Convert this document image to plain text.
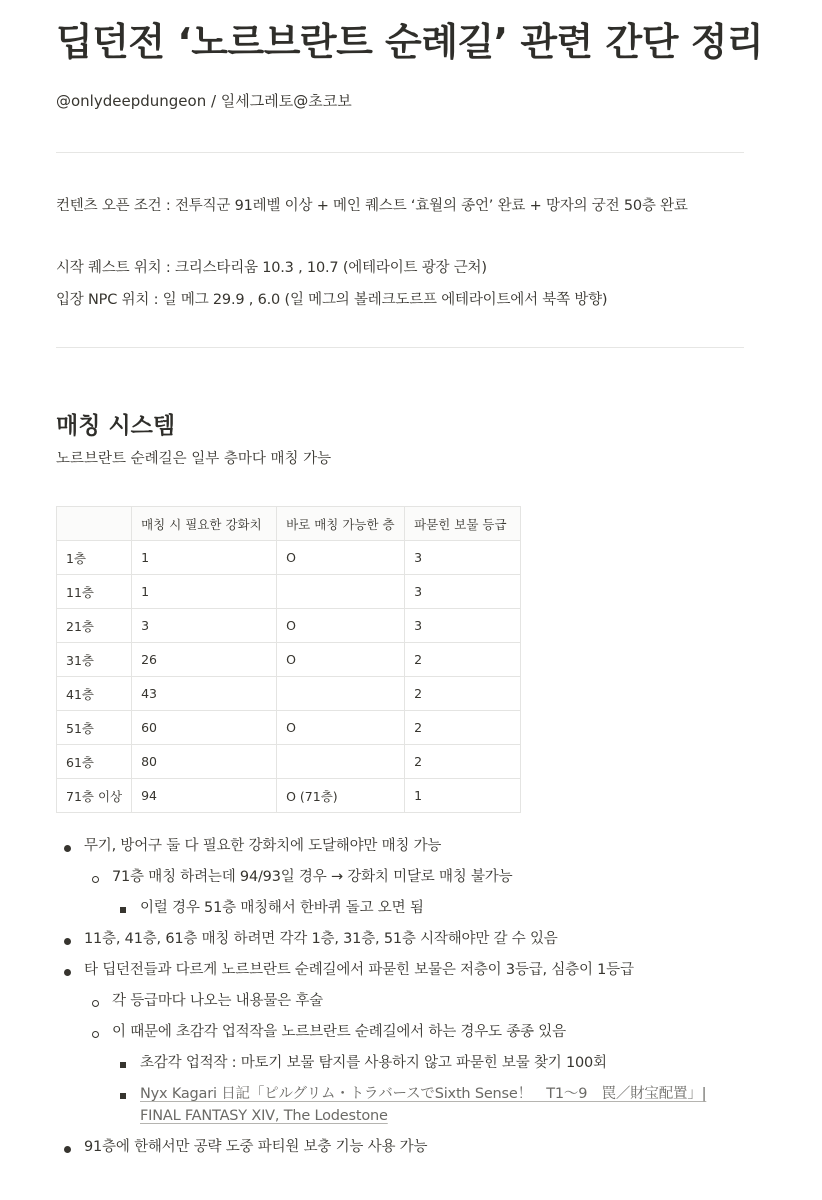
딥던전 ‘노르브란트 순례길’ 관련 간단 정리
@onlydeepdungeon / 일세그레토@초코보
컨텐츠 오픈 조건 : 전투직군 91레벨 이상 + 메인 퀘스트 ‘효월의 종언’ 완료 + 망자의 궁전 50층 완료
시작 퀘스트 위치 : 크리스타리움 10.3 , 10.7 (에테라이트 광장 근처)
입장 NPC 위치 : 일 메그 29.9 , 6.0 (일 메그의 볼레크도르프 에테라이트에서 북쪽 방향)
매칭 시스템
노르브란트 순례길은 일부 층마다 매칭 가능
	매칭 시 필요한 강화치	바로 매칭 가능한 층	파묻힌 보물 등급
1층	1	O	3
11층	1		3
21층	3	O	3
31층	26	O	2
41층	43		2
51층	60	O	2
61층	80		2
71층 이상	94	O (71층)	1
무기, 방어구 둘 다 필요한 강화치에 도달해야만 매칭 가능
71층 매칭 하려는데 94/93일 경우 → 강화치 미달로 매칭 불가능
이럴 경우 51층 매칭해서 한바퀴 돌고 오면 됨
11층, 41층, 61층 매칭 하려면 각각 1층, 31층, 51층 시작해야만 갈 수 있음
타 딥던전들과 다르게 노르브란트 순례길에서 파묻힌 보물은 저층이 3등급, 심층이 1등급
각 등급마다 나오는 내용물은 후술
이 때문에 초감각 업적작을 노르브란트 순례길에서 하는 경우도 종종 있음
초감각 업적작 : 마토기 보물 탐지를 사용하지 않고 파묻힌 보물 찾기 100회
Nyx Kagari 日記「ピルグリム・トラバースでSixth Sense！　T1〜9　罠／財宝配置」| FINAL FANTASY XIV, The Lodestone
91층에 한해서만 공략 도중 파티원 보충 기능 사용 가능
